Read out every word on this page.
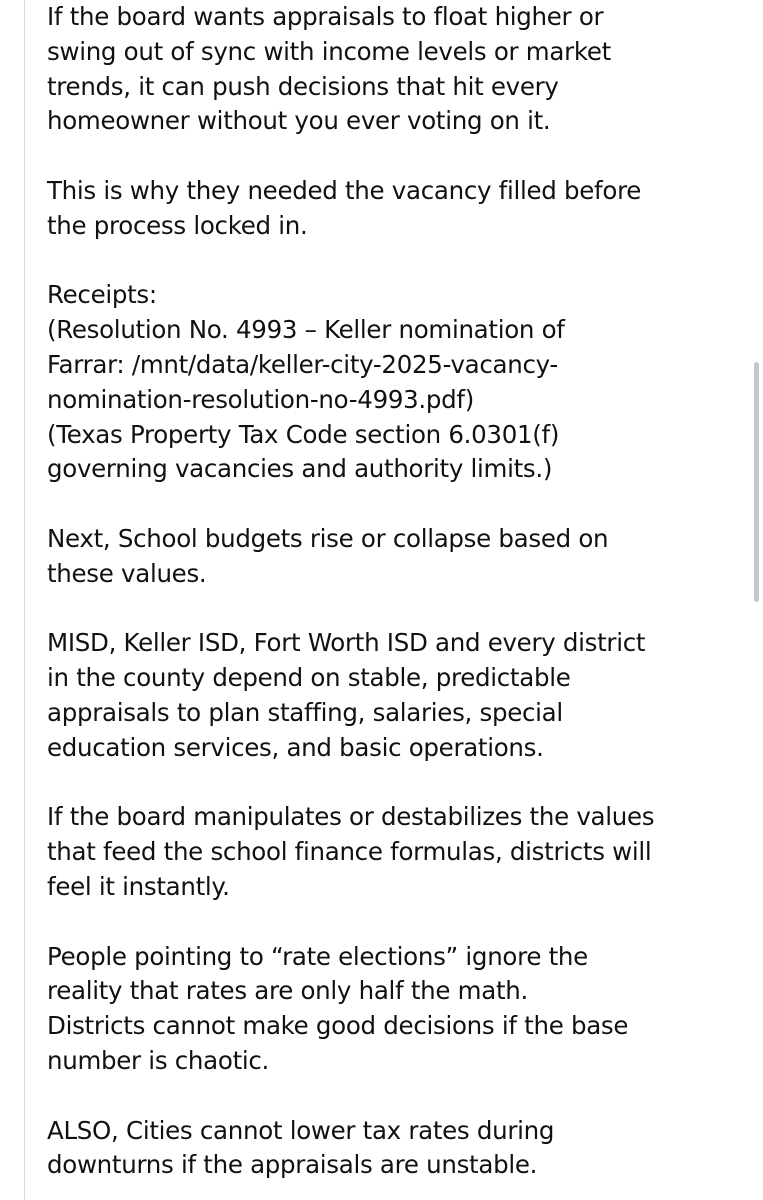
If the board wants appraisals to float higher or

swing out of sync with income levels or market

trends, it can push decisions that hit every

homeowner without you ever voting on it.

This is why they needed the vacancy filled before

the process locked in.

Receipts:

(Resolution No. 4993 – Keller nomination of

Farrar: /mnt/data/keller-city-2025-vacancy-

nomination-resolution-no-4993.pdf)

(Texas Property Tax Code section 6.0301(f)

governing vacancies and authority limits.)

Next, School budgets rise or collapse based on

these values.

MISD, Keller ISD, Fort Worth ISD and every district

in the county depend on stable, predictable

appraisals to plan staffing, salaries, special

education services, and basic operations.

If the board manipulates or destabilizes the values

that feed the school finance formulas, districts will

feel it instantly.

People pointing to “rate elections” ignore the

reality that rates are only half the math.

Districts cannot make good decisions if the base

number is chaotic.

ALSO, Cities cannot lower tax rates during

downturns if the appraisals are unstable.
